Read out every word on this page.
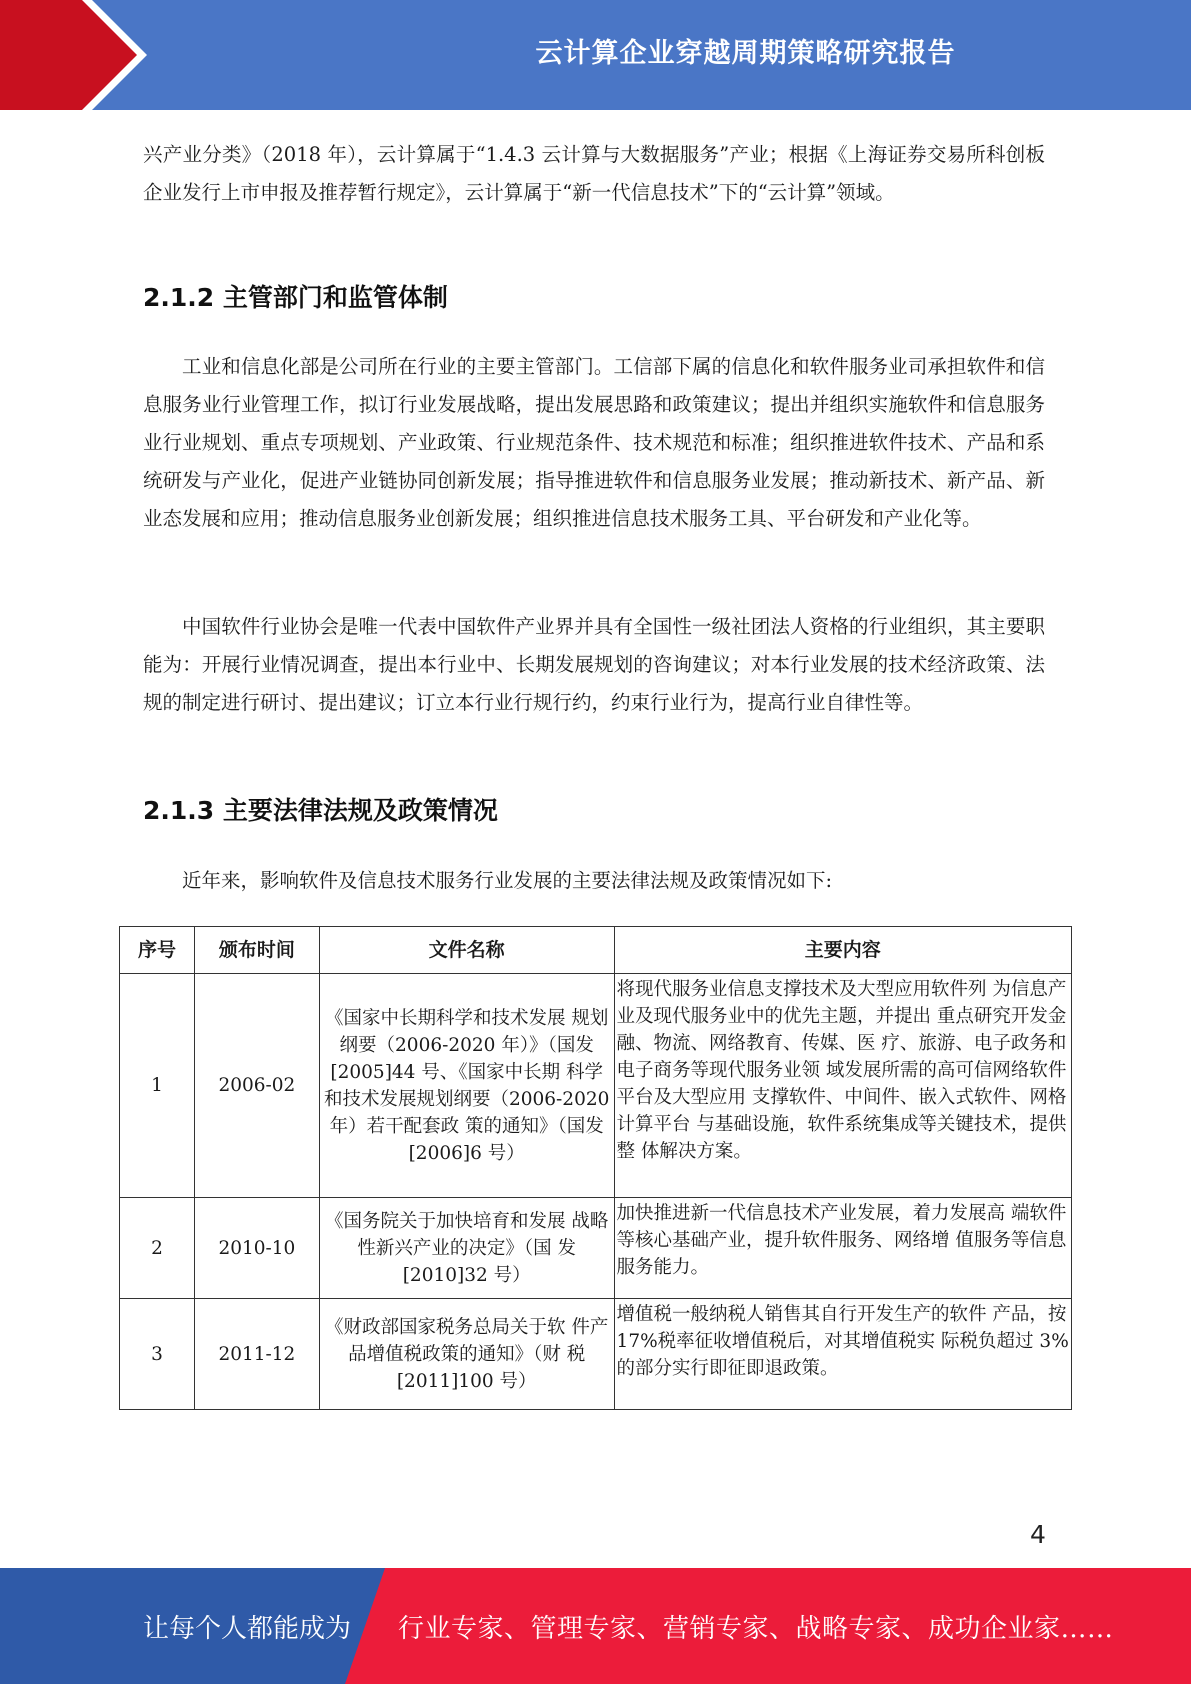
云计算企业穿越周期策略研究报告

兴产业分类》（2018 年），云计算属于“1.4.3 云计算与大数据服务”产业；根据《上海证券交易所科创板企业发行上市申报及推荐暂行规定》，云计算属于“新一代信息技术”下的“云计算”领域。

2.1.2 主管部门和监管体制

工业和信息化部是公司所在行业的主要主管部门。工信部下属的信息化和软件服务业司承担软件和信息服务业行业管理工作，拟订行业发展战略，提出发展思路和政策建议；提出并组织实施软件和信息服务业行业规划、重点专项规划、产业政策、行业规范条件、技术规范和标准；组织推进软件技术、产品和系统研发与产业化，促进产业链协同创新发展；指导推进软件和信息服务业发展；推动新技术、新产品、新业态发展和应用；推动信息服务业创新发展；组织推进信息技术服务工具、平台研发和产业化等。

中国软件行业协会是唯一代表中国软件产业界并具有全国性一级社团法人资格的行业组织，其主要职能为：开展行业情况调查，提出本行业中、长期发展规划的咨询建议；对本行业发展的技术经济政策、法规的制定进行研讨、提出建议；订立本行业行规行约，约束行业行为，提高行业自律性等。

2.1.3 主要法律法规及政策情况

近年来，影响软件及信息技术服务行业发展的主要法律法规及政策情况如下:

序号	颁布时间	文件名称	主要内容
1	2006-02	《国家中长期科学和技术发展 规划纲要（2006-2020 年）》（国发[2005]44 号、《国家中长期 科学和技术发展规划纲要（2006-2020 年）若干配套政 策的通知》（国发[2006]6 号）	将现代服务业信息支撑技术及大型应用软件列 为信息产业及现代服务业中的优先主题，并提出 重点研究开发金融、物流、网络教育、传媒、医 疗、旅游、电子政务和电子商务等现代服务业领 域发展所需的高可信网络软件平台及大型应用 支撑软件、中间件、嵌入式软件、网格计算平台 与基础设施，软件系统集成等关键技术，提供整 体解决方案。
2	2010-10	《国务院关于加快培育和发展 战略性新兴产业的决定》（国 发[2010]32 号）	加快推进新一代信息技术产业发展，着力发展高 端软件等核心基础产业，提升软件服务、网络增 值服务等信息服务能力。
3	2011-12	《财政部国家税务总局关于软 件产品增值税政策的通知》（财 税[2011]100 号）	增值税一般纳税人销售其自行开发生产的软件 产品，按 17%税率征收增值税后，对其增值税实 际税负超过 3%的部分实行即征即退政策。
4
让每个人都能成为 行业专家、管理专家、营销专家、战略专家、成功企业家……
